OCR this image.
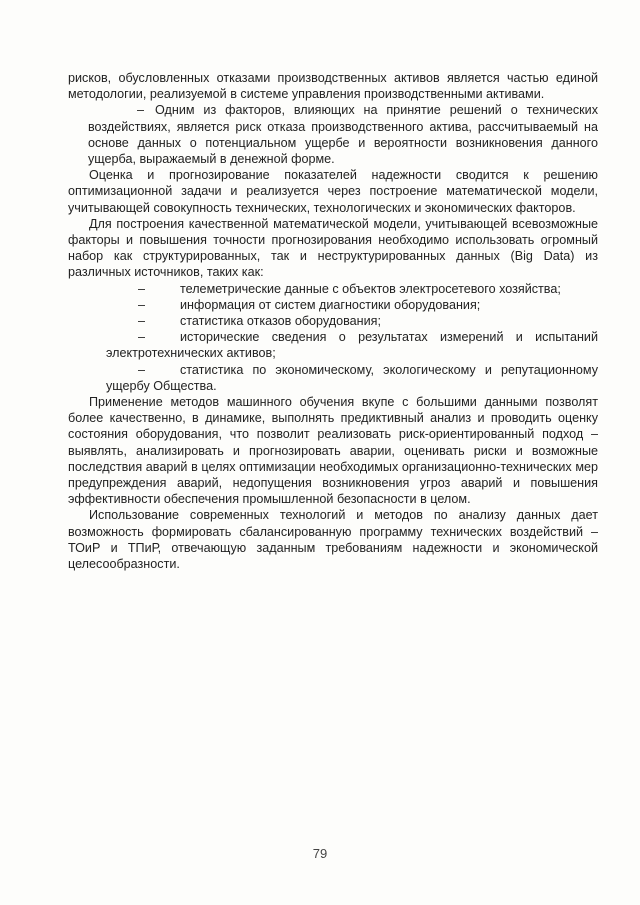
рисков, обусловленных отказами производственных активов является частью единой методологии, реализуемой в системе управления производственными активами.

– Одним из факторов, влияющих на принятие решений о технических воздействиях, является риск отказа производственного актива, рассчитываемый на основе данных о потенциальном ущербе и вероятности возникновения данного ущерба, выражаемый в денежной форме.

Оценка и прогнозирование показателей надежности сводится к решению оптимизационной задачи и реализуется через построение математической модели, учитывающей совокупность технических, технологических и экономических факторов.

Для построения качественной математической модели, учитывающей всевозможные факторы и повышения точности прогнозирования необходимо использовать огромный набор как структурированных, так и неструктурированных данных (Big Data) из различных источников, таких как:

–	телеметрические данные с объектов электросетевого хозяйства;

–	информация от систем диагностики оборудования;

–	статистика отказов оборудования;

–	исторические сведения о результатах измерений и испытаний электротехнических активов;

–	статистика по экономическому, экологическому и репутационному ущербу Общества.

Применение методов машинного обучения вкупе с большими данными позволят более качественно, в динамике, выполнять предиктивный анализ и проводить оценку состояния оборудования, что позволит реализовать риск-ориентированный подход – выявлять, анализировать и прогнозировать аварии, оценивать риски и возможные последствия аварий в целях оптимизации необходимых организационно-технических мер предупреждения аварий, недопущения возникновения угроз аварий и повышения эффективности обеспечения промышленной безопасности в целом.

Использование современных технологий и методов по анализу данных дает возможность формировать сбалансированную программу технических воздействий – ТОиР и ТПиР, отвечающую заданным требованиям надежности и экономической целесообразности.

79
